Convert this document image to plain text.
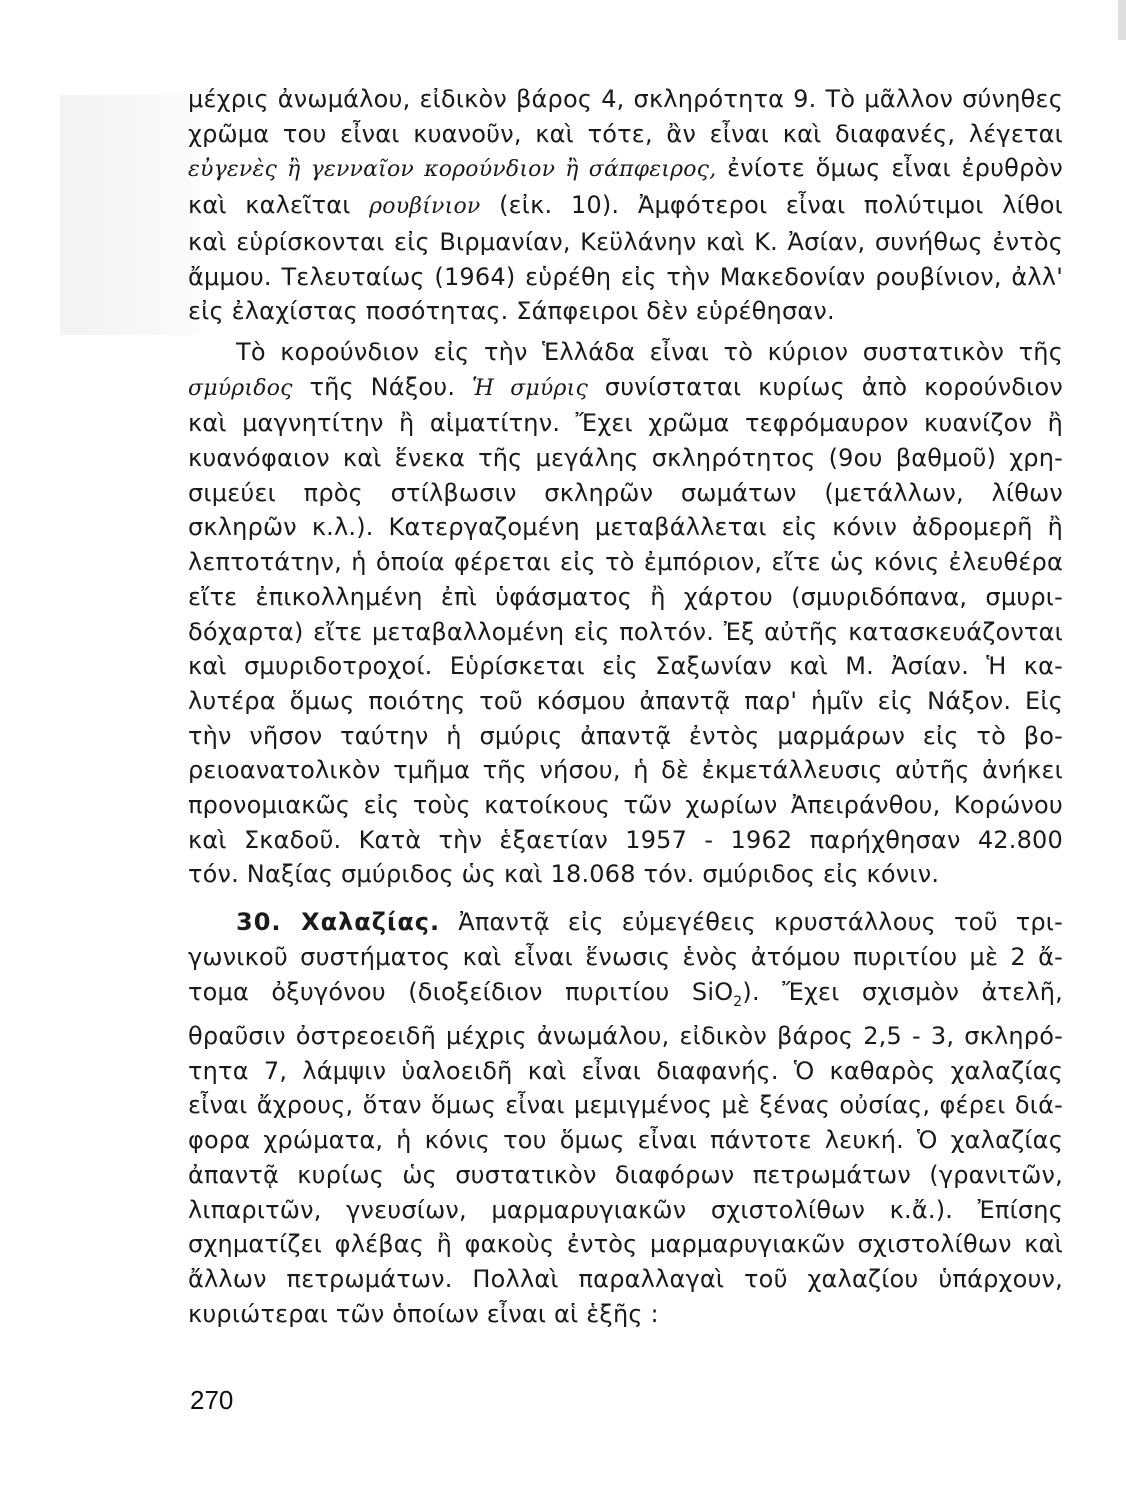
μέχρις ἀνωμάλου, εἰδικὸν βάρος 4, σκληρότητα 9. Τὸ μᾶλλον σύνηθες

χρῶμα του εἶναι κυανοῦν, καὶ τότε, ἂν εἶναι καὶ διαφανές, λέγεται

εὐγενὲς ἢ γενναῖον κορούνδιον ἢ σάπφειρος, ἐνίοτε ὅμως εἶναι ἐρυθρὸν

καὶ καλεῖται ρουβίνιον (εἰκ. 10). Ἀμφότεροι εἶναι πολύτιμοι λίθοι

καὶ εὑρίσκονται εἰς Βιρμανίαν, Κεϋλάνην καὶ Κ. Ἀσίαν, συνήθως ἐντὸς

ἄμμου. Τελευταίως (1964) εὑρέθη εἰς τὴν Μακεδονίαν ρουβίνιον, ἀλλ'

εἰς ἐλαχίστας ποσότητας. Σάπφειροι δὲν εὑρέθησαν.

Τὸ κορούνδιον εἰς τὴν Ἑλλάδα εἶναι τὸ κύριον συστατικὸν τῆς

σμύριδος τῆς Νάξου. Ἡ σμύρις συνίσταται κυρίως ἀπὸ κορούνδιον

καὶ μαγνητίτην ἢ αἱματίτην. Ἔχει χρῶμα τεφρόμαυρον κυανίζον ἢ

κυανόφαιον καὶ ἕνεκα τῆς μεγάλης σκληρότητος (9ου βαθμοῦ) χρη-

σιμεύει πρὸς στίλβωσιν σκληρῶν σωμάτων (μετάλλων, λίθων

σκληρῶν κ.λ.). Κατεργαζομένη μεταβάλλεται εἰς κόνιν ἀδρομερῆ ἢ

λεπτοτάτην, ἡ ὁποία φέρεται εἰς τὸ ἐμπόριον, εἴτε ὡς κόνις ἐλευθέρα

εἴτε ἐπικολλημένη ἐπὶ ὑφάσματος ἢ χάρτου (σμυριδόπανα, σμυρι-

δόχαρτα) εἴτε μεταβαλλομένη εἰς πολτόν. Ἐξ αὐτῆς κατασκευάζονται

καὶ σμυριδοτροχοί. Εὑρίσκεται εἰς Σαξωνίαν καὶ Μ. Ἀσίαν. Ἡ κα-

λυτέρα ὅμως ποιότης τοῦ κόσμου ἀπαντᾷ παρ' ἡμῖν εἰς Νάξον. Εἰς

τὴν νῆσον ταύτην ἡ σμύρις ἀπαντᾷ ἐντὸς μαρμάρων εἰς τὸ βο-

ρειοανατολικὸν τμῆμα τῆς νήσου, ἡ δὲ ἐκμετάλλευσις αὐτῆς ἀνήκει

προνομιακῶς εἰς τοὺς κατοίκους τῶν χωρίων Ἀπειράνθου, Κορώνου

καὶ Σκαδοῦ. Κατὰ τὴν ἑξαετίαν 1957 - 1962 παρήχθησαν 42.800

τόν. Ναξίας σμύριδος ὡς καὶ 18.068 τόν. σμύριδος εἰς κόνιν.

30. Χαλαζίας. Ἀπαντᾷ εἰς εὐμεγέθεις κρυστάλλους τοῦ τρι-

γωνικοῦ συστήματος καὶ εἶναι ἕνωσις ἑνὸς ἀτόμου πυριτίου μὲ 2 ἄ-

τομα ὀξυγόνου (διοξείδιον πυριτίου SiO$_2$). Ἔχει σχισμὸν ἀτελῆ,

θραῦσιν ὀστρεοειδῆ μέχρις ἀνωμάλου, εἰδικὸν βάρος 2,5 - 3, σκληρό-

τητα 7, λάμψιν ὑαλοειδῆ καὶ εἶναι διαφανής. Ὁ καθαρὸς χαλαζίας

εἶναι ἄχρους, ὅταν ὅμως εἶναι μεμιγμένος μὲ ξένας οὐσίας, φέρει διά-

φορα χρώματα, ἡ κόνις του ὅμως εἶναι πάντοτε λευκή. Ὁ χαλαζίας

ἀπαντᾷ κυρίως ὡς συστατικὸν διαφόρων πετρωμάτων (γρανιτῶν,

λιπαριτῶν, γνευσίων, μαρμαρυγιακῶν σχιστολίθων κ.ἄ.). Ἐπίσης

σχηματίζει φλέβας ἢ φακοὺς ἐντὸς μαρμαρυγιακῶν σχιστολίθων καὶ

ἄλλων πετρωμάτων. Πολλαὶ παραλλαγαὶ τοῦ χαλαζίου ὑπάρχουν,

κυριώτεραι τῶν ὁποίων εἶναι αἱ ἑξῆς :

270
